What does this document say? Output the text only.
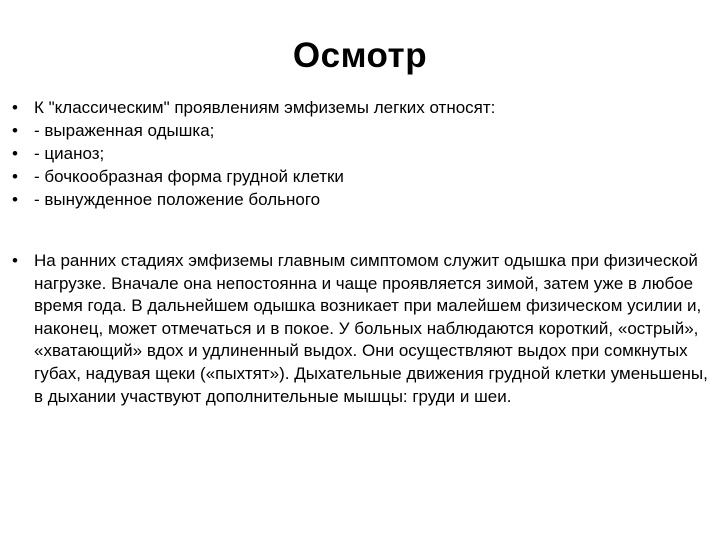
Осмотр
• К "классическим" проявлениям эмфиземы легких относят:
• - выраженная одышка;
• - цианоз;
• - бочкообразная форма грудной клетки
• - вынужденное положение больного
• На ранних стадиях эмфиземы главным симптомом служит одышка при физической нагрузке. Вначале она непостоянна и чаще проявляется зимой, затем уже в любое время года. В дальнейшем одышка возникает при малейшем физическом усилии и, наконец, может отмечаться и в покое. У больных наблюдаются короткий, «острый», «хватающий» вдох и удлиненный выдох. Они осуществляют выдох при сомкнутых губах, надувая щеки («пыхтят»). Дыхательные движения грудной клетки уменьшены, в дыхании участвуют дополнительные мышцы: груди и шеи.
